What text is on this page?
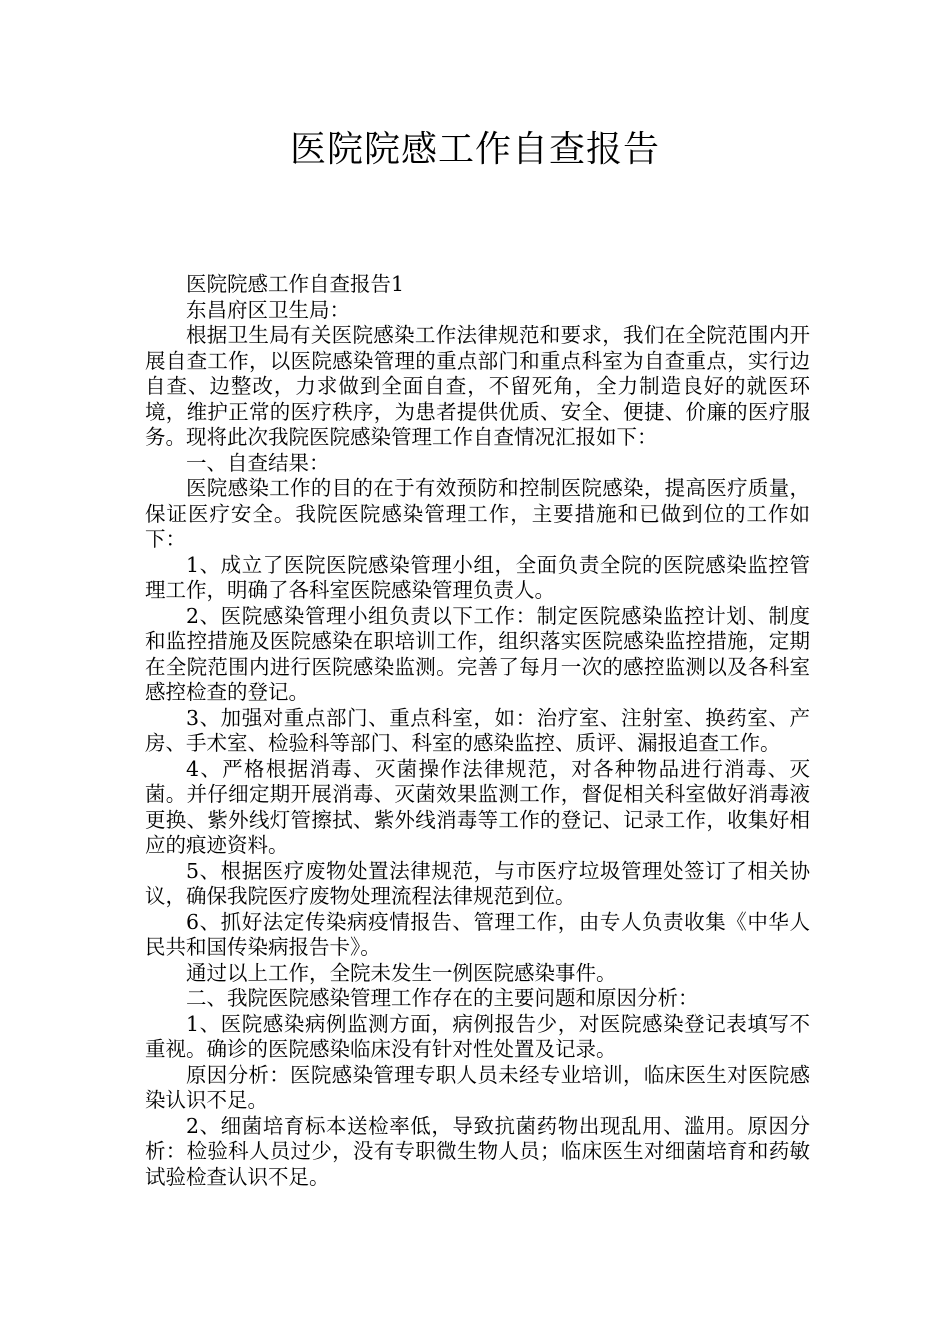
医院院感工作自查报告

医院院感工作自查报告1

东昌府区卫生局：

根据卫生局有关医院感染工作法律规范和要求，我们在全院范围内开展自查工作，以医院感染管理的重点部门和重点科室为自查重点，实行边自查、边整改，力求做到全面自查，不留死角，全力制造良好的就医环境，维护正常的医疗秩序，为患者提供优质、安全、便捷、价廉的医疗服务。现将此次我院医院感染管理工作自查情况汇报如下：

一、自查结果：

医院感染工作的目的在于有效预防和控制医院感染，提高医疗质量，保证医疗安全。我院医院感染管理工作，主要措施和已做到位的工作如下：

1、成立了医院医院感染管理小组，全面负责全院的医院感染监控管理工作，明确了各科室医院感染管理负责人。

2、医院感染管理小组负责以下工作：制定医院感染监控计划、制度和监控措施及医院感染在职培训工作，组织落实医院感染监控措施，定期在全院范围内进行医院感染监测。完善了每月一次的感控监测以及各科室感控检查的登记。

3、加强对重点部门、重点科室，如：治疗室、注射室、换药室、产房、手术室、检验科等部门、科室的感染监控、质评、漏报追查工作。

4、严格根据消毒、灭菌操作法律规范，对各种物品进行消毒、灭菌。并仔细定期开展消毒、灭菌效果监测工作，督促相关科室做好消毒液更换、紫外线灯管擦拭、紫外线消毒等工作的登记、记录工作，收集好相应的痕迹资料。

5、根据医疗废物处置法律规范，与市医疗垃圾管理处签订了相关协议，确保我院医疗废物处理流程法律规范到位。

6、抓好法定传染病疫情报告、管理工作，由专人负责收集《中华人民共和国传染病报告卡》。

通过以上工作，全院未发生一例医院感染事件。

二、我院医院感染管理工作存在的主要问题和原因分析：

1、医院感染病例监测方面，病例报告少，对医院感染登记表填写不重视。确诊的医院感染临床没有针对性处置及记录。

原因分析：医院感染管理专职人员未经专业培训，临床医生对医院感染认识不足。

2、细菌培育标本送检率低，导致抗菌药物出现乱用、滥用。原因分析：检验科人员过少，没有专职微生物人员；临床医生对细菌培育和药敏试验检查认识不足。
